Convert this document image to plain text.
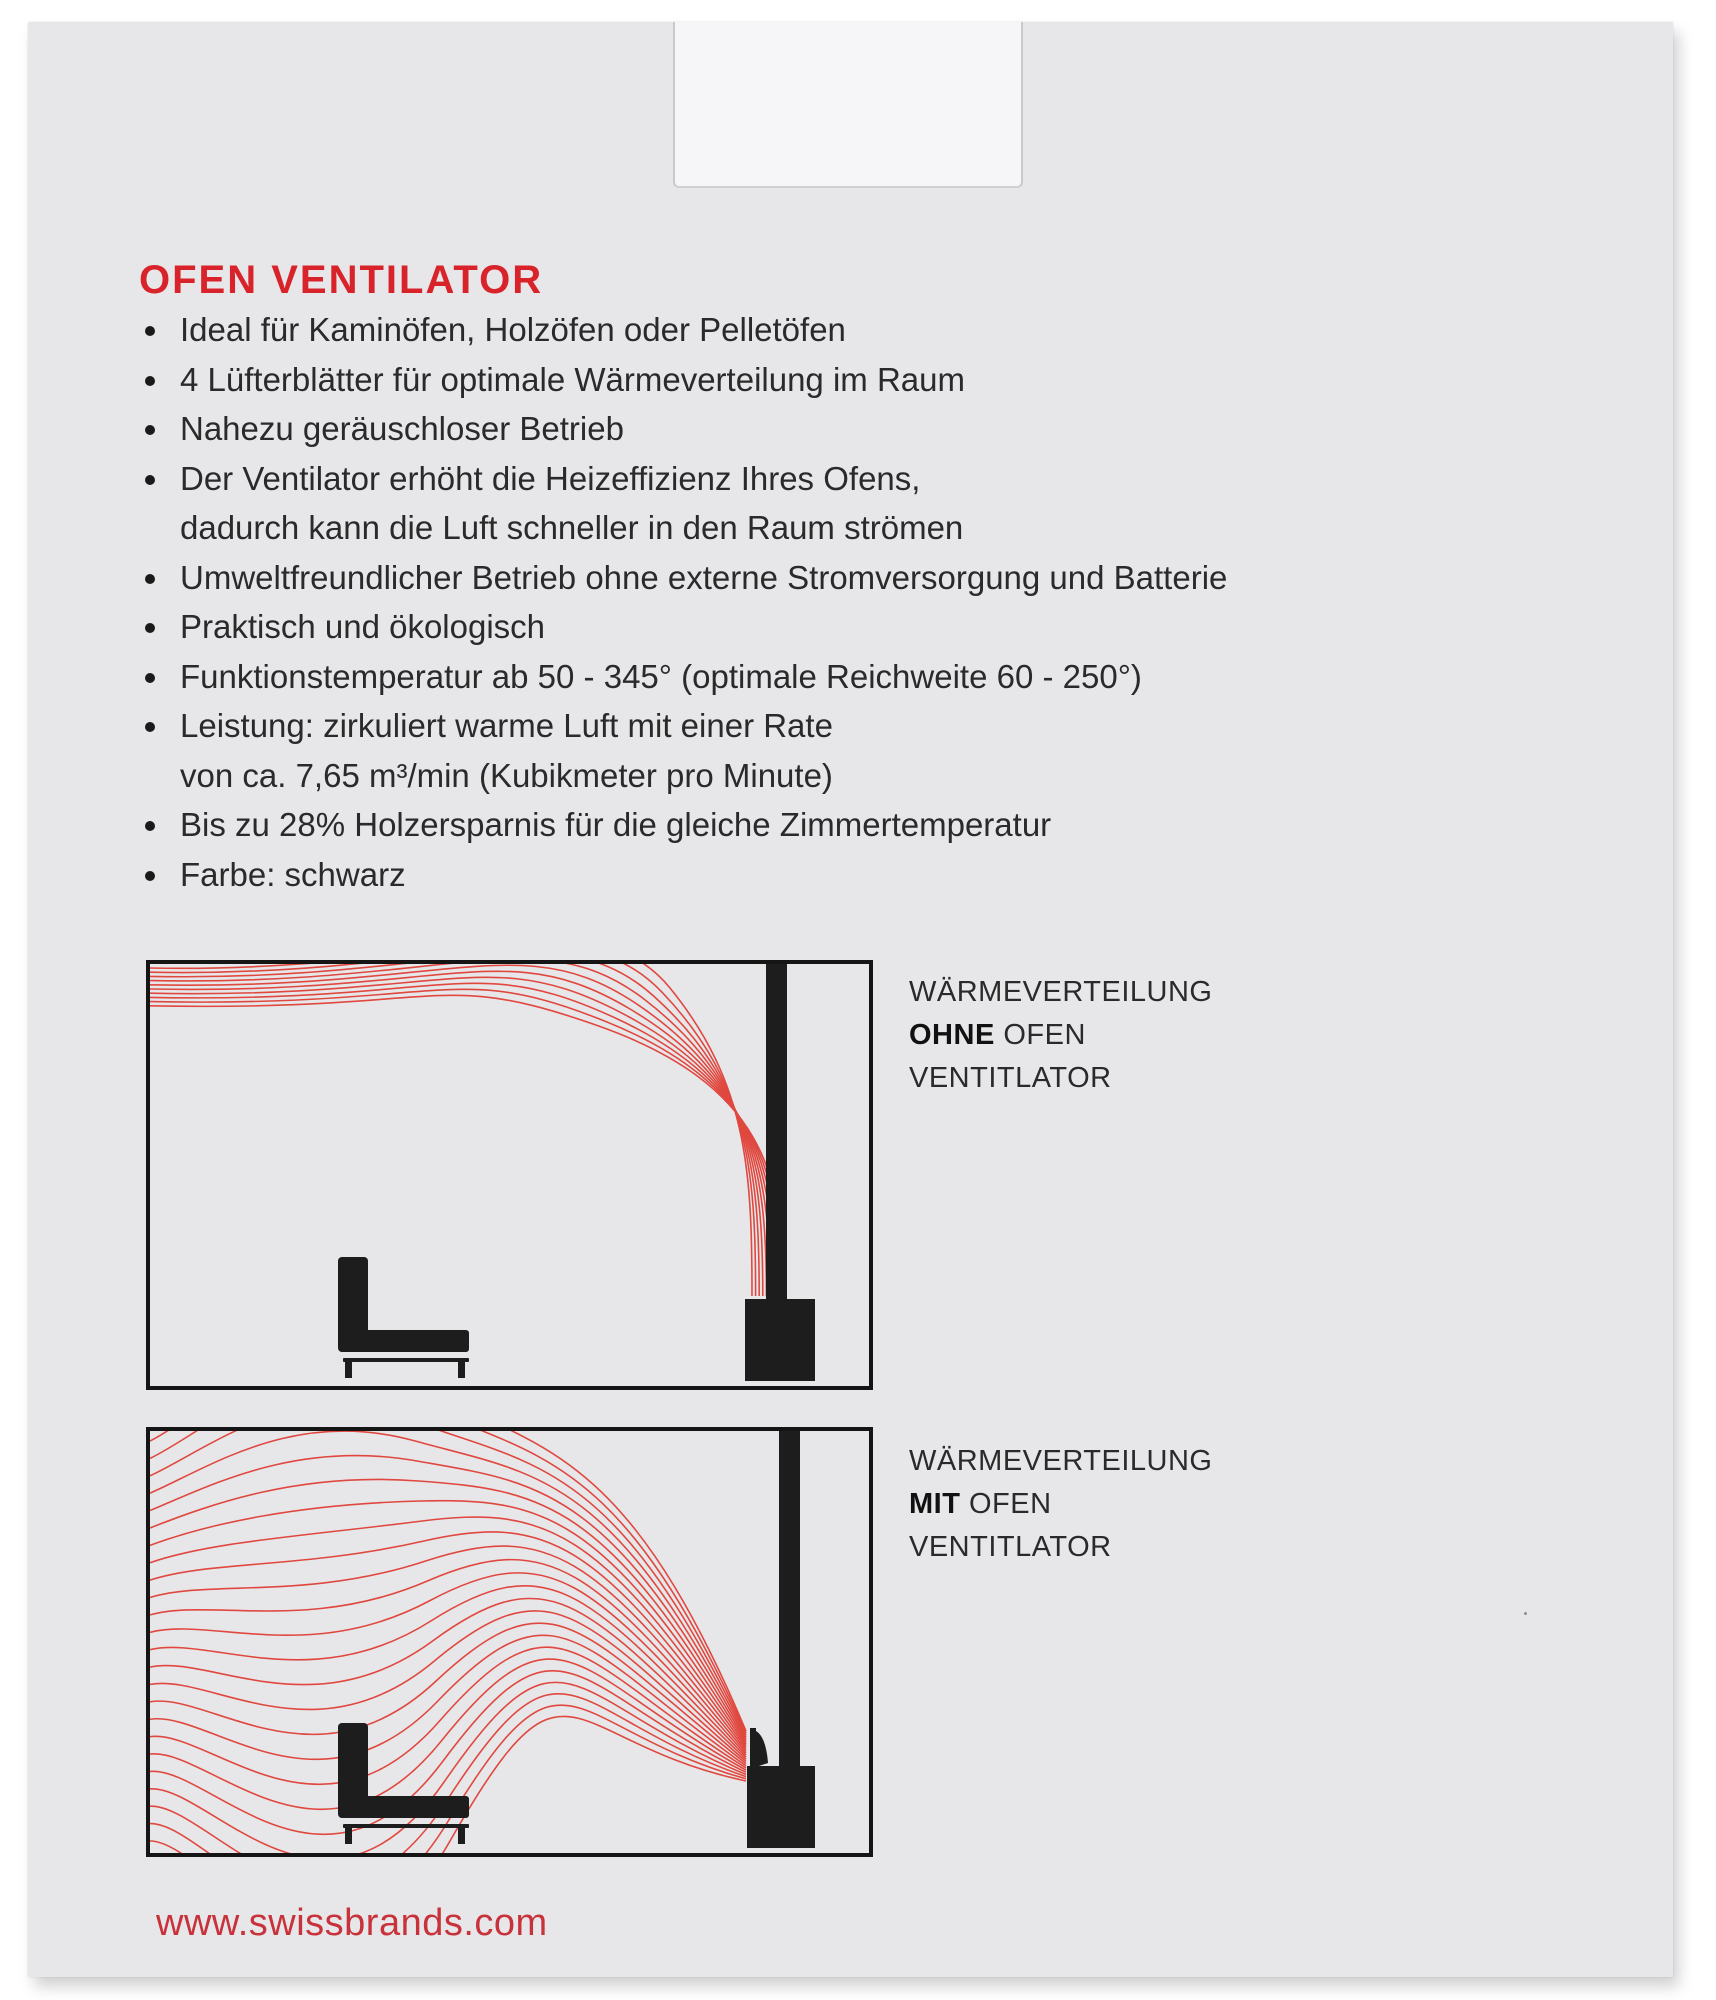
OFEN VENTILATOR
Ideal für Kaminöfen, Holzöfen oder Pelletöfen
4 Lüfterblätter für optimale Wärmeverteilung im Raum
Nahezu geräuschloser Betrieb
Der Ventilator erhöht die Heizeffizienz Ihres Ofens,
dadurch kann die Luft schneller in den Raum strömen
Umweltfreundlicher Betrieb ohne externe Stromversorgung und Batterie
Praktisch und ökologisch
Funktionstemperatur ab 50 - 345° (optimale Reichweite 60 - 250°)
Leistung: zirkuliert warme Luft mit einer Rate
von ca. 7,65 m³/min (Kubikmeter pro Minute)
Bis zu 28% Holzersparnis für die gleiche Zimmertemperatur
Farbe: schwarz
WÄRMEVERTEILUNG
OHNE OFEN
VENTITLATOR
WÄRMEVERTEILUNG
MIT OFEN
VENTITLATOR
www.swissbrands.com
